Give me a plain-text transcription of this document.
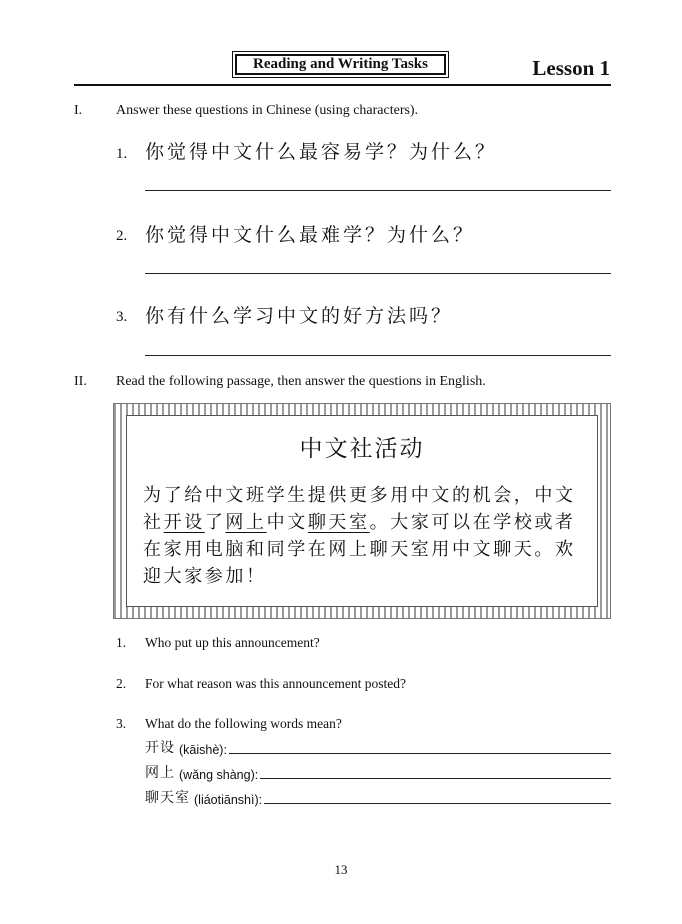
Reading and Writing Tasks	Lesson 1
I. Answer these questions in Chinese (using characters).
1. 你觉得中文什么最容易学？为什么？
2. 你觉得中文什么最难学？为什么？
3. 你有什么学习中文的好方法吗？
II. Read the following passage, then answer the questions in English.
中文社活动

为了给中文班学生提供更多用中文的机会，中文

社开设了网上中文聊天室。大家可以在学校或者

在家用电脑和同学在网上聊天室用中文聊天。欢

迎大家参加！

1. Who put up this announcement?
2. For what reason was this announcement posted?
3. What do the following words mean?
开设 (kāishè):
网上 (wǎng shàng):
聊天室 (liáotiānshì):
13
